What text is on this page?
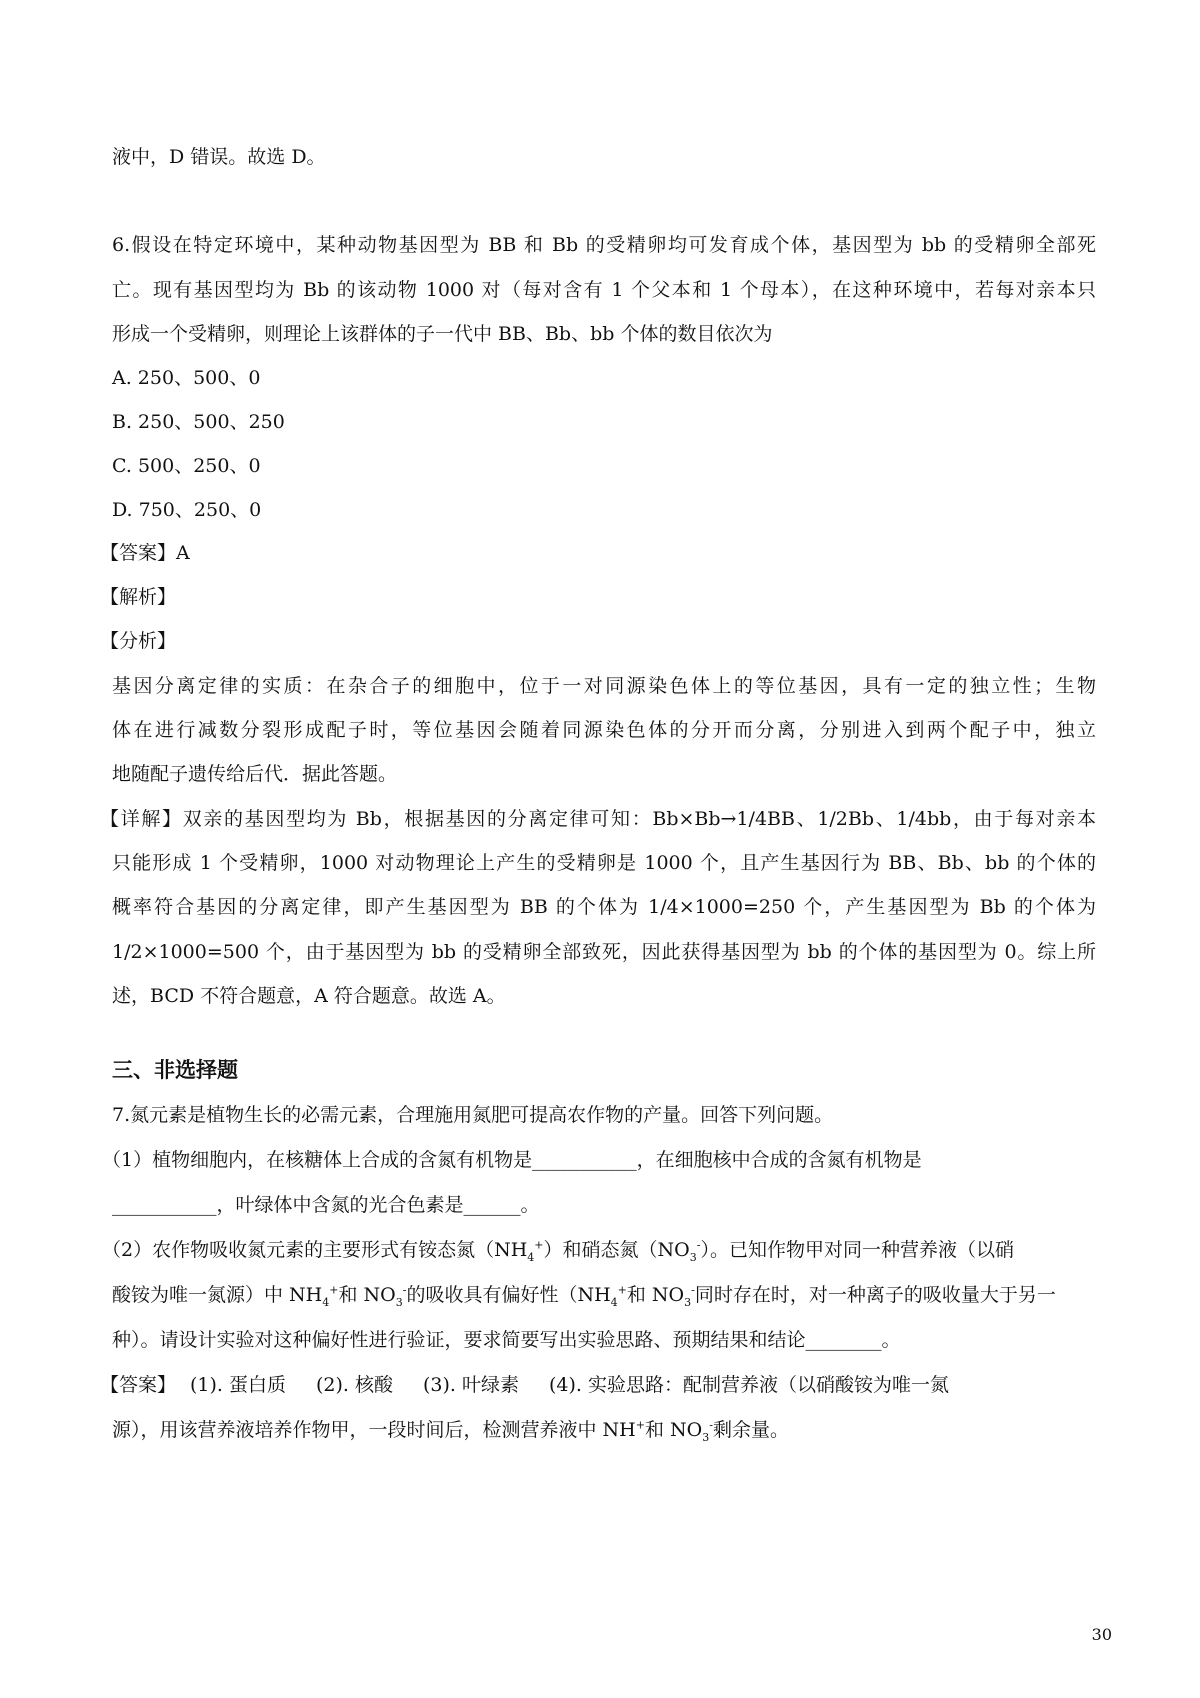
液中，D 错误。故选 D。
6.假设在特定环境中，某种动物基因型为 BB 和 Bb 的受精卵均可发育成个体，基因型为 bb 的受精卵全部死
亡。现有基因型均为 Bb 的该动物 1000 对（每对含有 1 个父本和 1 个母本），在这种环境中，若每对亲本只
形成一个受精卵，则理论上该群体的子一代中 BB、Bb、bb 个体的数目依次为
A. 250、500、0
B. 250、500、250
C. 500、250、0
D. 750、250、0
【答案】A
【解析】
【分析】
基因分离定律的实质：在杂合子的细胞中，位于一对同源染色体上的等位基因，具有一定的独立性；生物
体在进行减数分裂形成配子时，等位基因会随着同源染色体的分开而分离，分别进入到两个配子中，独立
地随配子遗传给后代．据此答题。
【详解】双亲的基因型均为 Bb，根据基因的分离定律可知：Bb×Bb→1/4BB、1/2Bb、1/4bb，由于每对亲本
只能形成 1 个受精卵，1000 对动物理论上产生的受精卵是 1000 个，且产生基因行为 BB、Bb、bb 的个体的
概率符合基因的分离定律，即产生基因型为 BB 的个体为 1/4×1000=250 个，产生基因型为 Bb 的个体为
1/2×1000=500 个，由于基因型为 bb 的受精卵全部致死，因此获得基因型为 bb 的个体的基因型为 0。综上所
述，BCD 不符合题意，A 符合题意。故选 A。
三、非选择题
7.氮元素是植物生长的必需元素，合理施用氮肥可提高农作物的产量。回答下列问题。
（1）植物细胞内，在核糖体上合成的含氮有机物是___________，在细胞核中合成的含氮有机物是
___________，叶绿体中含氮的光合色素是______。
（2）农作物吸收氮元素的主要形式有铵态氮$(NH_4^+)$和硝态氮$(NO_3^-)$。已知作物甲对同一种营养液（以硝
酸铵为唯一氮源）中 $NH_4^+$和 $NO_3^-$的吸收具有偏好性（$NH_4^+$和 $NO_3^-$同时存在时，对一种离子的吸收量大于另一
种）。请设计实验对这种偏好性进行验证，要求简要写出实验思路、预期结果和结论________。
【答案】 (1). 蛋白质 (2). 核酸 (3). 叶绿素 (4). 实验思路：配制营养液（以硝酸铵为唯一氮
源），用该营养液培养作物甲，一段时间后，检测营养液中 NH+和 $NO_3^-$剩余量。
30
